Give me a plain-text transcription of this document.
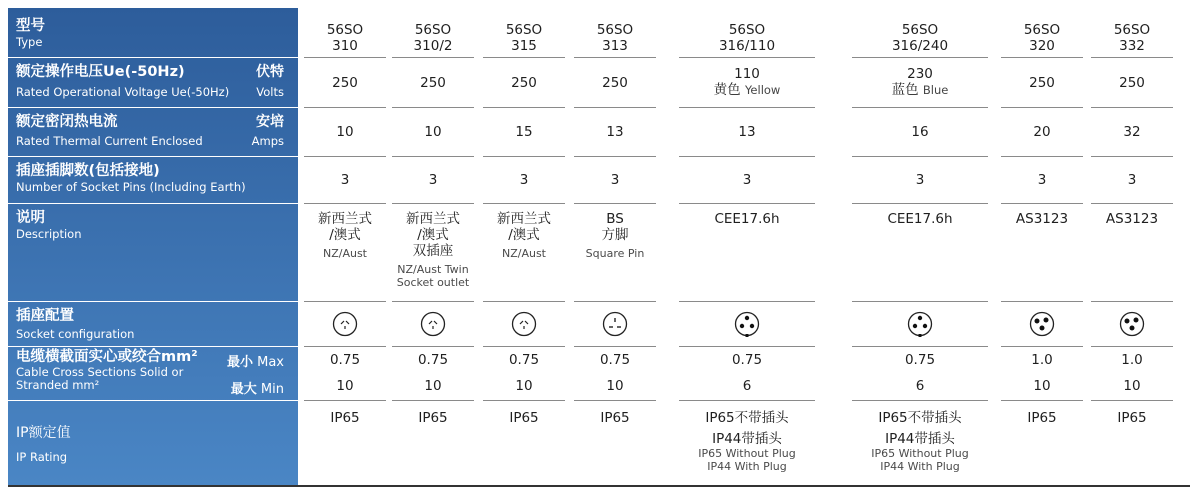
型号
Type
额定操作电压Ue(-50Hz)
Rated Operational Voltage Ue(-50Hz)
伏特
Volts
额定密闭热电流
Rated Thermal Current Enclosed
安培
Amps
插座插脚数(包括接地)
Number of Socket Pins (Including Earth)
说明
Description
插座配置
Socket configuration
电缆横截面实心或绞合mm²
Cable Cross Sections Solid or
Stranded mm²
最小 Max
最大 Min
IP额定值
IP Rating
56SO
310
250
10
3
新西兰式
/澳式
NZ/Aust
0.75
10
IP65
56SO
310/2
250
10
3
新西兰式
/澳式
双插座
NZ/Aust Twin
Socket outlet
0.75
10
IP65
56SO
315
250
15
3
新西兰式
/澳式
NZ/Aust
0.75
10
IP65
56SO
313
250
13
3
BS
方脚
Square Pin
0.75
10
IP65
56SO
316/110
110
黄色 Yellow
13
3
CEE17.6h
0.75
6
IP65不带插头
IP44带插头
IP65 Without Plug
IP44 With Plug
56SO
316/240
230
蓝色 Blue
16
3
CEE17.6h
0.75
6
IP65不带插头
IP44带插头
IP65 Without Plug
IP44 With Plug
56SO
320
250
20
3
AS3123
1.0
10
IP65
56SO
332
250
32
3
AS3123
1.0
10
IP65
